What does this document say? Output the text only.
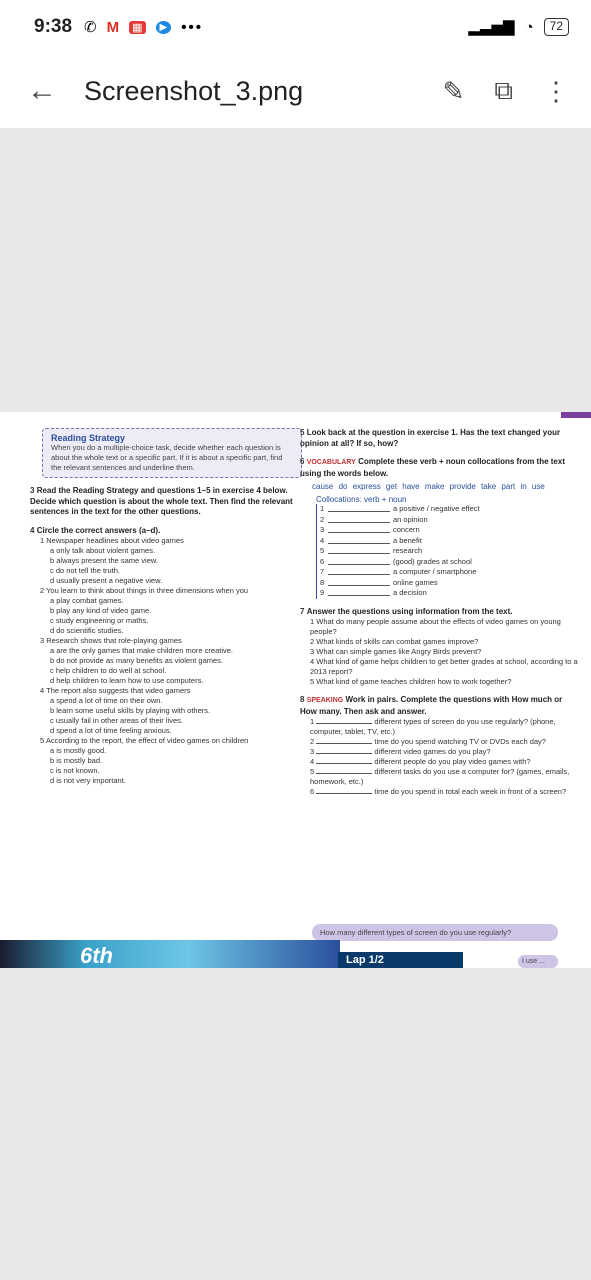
9:38 ✆ M ▦	▶ •••	▂▃▅▇ ◔	72
← Screenshot_3.png	✎ ⧉ ⋮
Reading Strategy
When you do a multiple-choice task, decide whether each question is about the whole text or a specific part. If it is about a specific part, find the relevant sentences and underline them.
3 Read the Reading Strategy and questions 1–5 in exercise 4 below. Decide which question is about the whole text. Then find the relevant sentences in the text for the other questions.
4 Circle the correct answers (a–d).
1 Newspaper headlines about video games
a only talk about violent games.
b always present the same view.
c do not tell the truth.
d usually present a negative view.
2 You learn to think about things in three dimensions when you
a play combat games.
b play any kind of video game.
c study engineering or maths.
d do scientific studies.
3 Research shows that role-playing games
a are the only games that make children more creative.
b do not provide as many benefits as violent games.
c help children to do well at school.
d help children to learn how to use computers.
4 The report also suggests that video gamers
a spend a lot of time on their own.
b learn some useful skills by playing with others.
c usually fail in other areas of their lives.
d spend a lot of time feeling anxious.
5 According to the report, the effect of video games on children
a is mostly good.
b is mostly bad.
c is not known.
d is not very important.
5 Look back at the question in exercise 1. Has the text changed your opinion at all? If so, how?
6 VOCABULARY Complete these verb + noun collocations from the text using the words below.
cause do express get have make provide take part in use
Collocations: verb + noun
1	a positive / negative effect
2	an opinion
3	concern
4	a benefit
5	research
6	(good) grades at school
7	a computer / smartphone
8	online games
9	a decision
7 Answer the questions using information from the text.
1 What do many people assume about the effects of video games on young people?
2 What kinds of skills can combat games improve?
3 What can simple games like Angry Birds prevent?
4 What kind of game helps children to get better grades at school, according to a 2013 report?
5 What kind of game teaches children how to work together?
8 SPEAKING Work in pairs. Complete the questions with How much or How many. Then ask and answer.
1	different types of screen do you use regularly? (phone, computer, tablet, TV, etc.)
2	time do you spend watching TV or DVDs each day?
3	different video games do you play?
4	different people do you play video games with?
5	different tasks do you use a computer for? (games, emails, homework, etc.)
6	time do you spend in total each week in front of a screen?
How many different types of screen do you use regularly?
I use ...
6th	Lap 1/2
